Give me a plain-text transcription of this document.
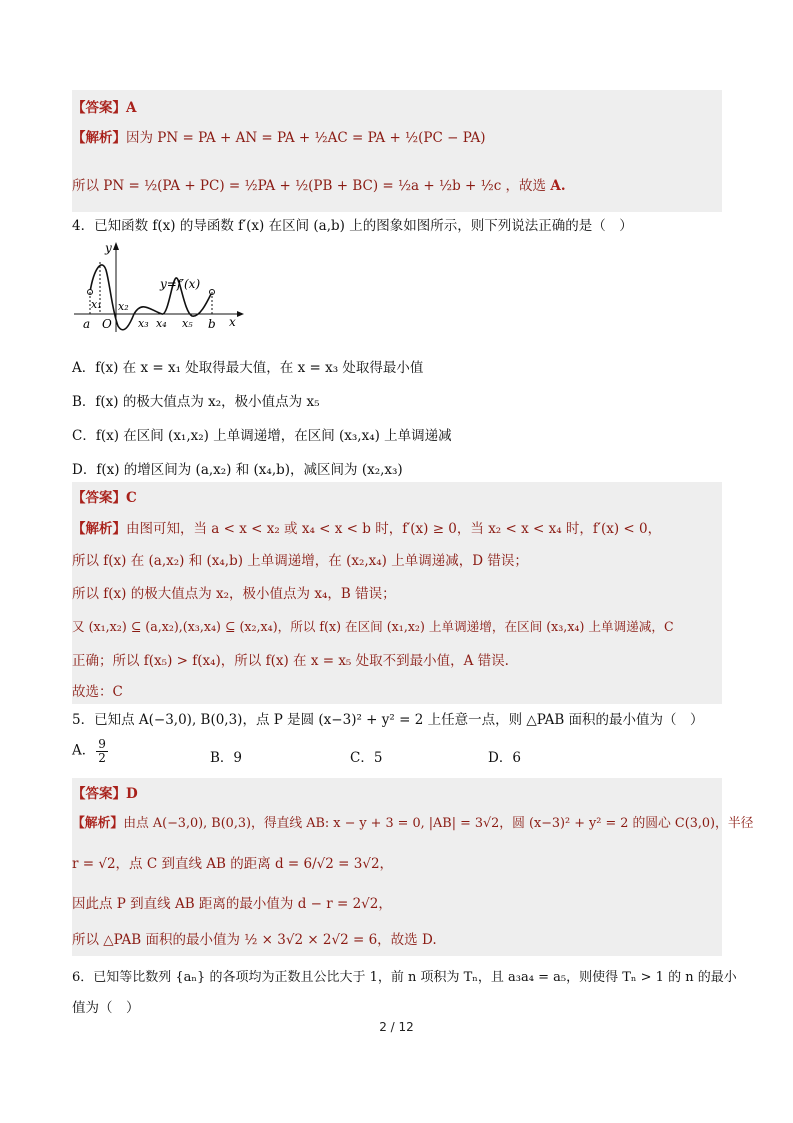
【答案】A
【解析】因为 PN = PA + AN = PA + ½AC = PA + ½(PC − PA)
所以 PN = ½(PA + PC) = ½PA + ½(PB + BC) = ½a + ½b + ½c ，故选 A.
4．已知函数 f(x) 的导函数 f′(x) 在区间 (a,b) 上的图象如图所示，则下列说法正确的是（　）
y
x
y=f′(x)
a
x₁
O
x₂
x₃ x₄ x₅ b
A．f(x) 在 x = x₁ 处取得最大值，在 x = x₃ 处取得最小值
B．f(x) 的极大值点为 x₂，极小值点为 x₅
C．f(x) 在区间 (x₁,x₂) 上单调递增，在区间 (x₃,x₄) 上单调递减
D．f(x) 的增区间为 (a,x₂) 和 (x₄,b)，减区间为 (x₂,x₃)
【答案】C
【解析】由图可知，当 a < x < x₂ 或 x₄ < x < b 时，f′(x) ≥ 0，当 x₂ < x < x₄ 时，f′(x) < 0，
所以 f(x) 在 (a,x₂) 和 (x₄,b) 上单调递增，在 (x₂,x₄) 上单调递减，D 错误；
所以 f(x) 的极大值点为 x₂，极小值点为 x₄，B 错误；
又 (x₁,x₂) ⊆ (a,x₂),(x₃,x₄) ⊆ (x₂,x₄)，所以 f(x) 在区间 (x₁,x₂) 上单调递增，在区间 (x₃,x₄) 上单调递减，C
正确；所以 f(x₅) > f(x₄)，所以 f(x) 在 x = x₅ 处取不到最小值，A 错误.
故选：C
5．已知点 A(−3,0), B(0,3)，点 P 是圆 (x−3)² + y² = 2 上任意一点，则 △PAB 面积的最小值为（　）
A． $\frac{9}{2}$	B．9	C．5	D．6
【答案】D
【解析】由点 A(−3,0), B(0,3)，得直线 AB: x − y + 3 = 0, |AB| = 3√2，圆 (x−3)² + y² = 2 的圆心 C(3,0)，半径
r = √2，点 C 到直线 AB 的距离 d = 6/√2 = 3√2，
因此点 P 到直线 AB 距离的最小值为 d − r = 2√2，
所以 △PAB 面积的最小值为 ½ × 3√2 × 2√2 = 6，故选 D.
6．已知等比数列 {aₙ} 的各项均为正数且公比大于 1，前 n 项积为 Tₙ，且 a₃a₄ = a₅，则使得 Tₙ > 1 的 n 的最小
值为（　）
2 / 12
